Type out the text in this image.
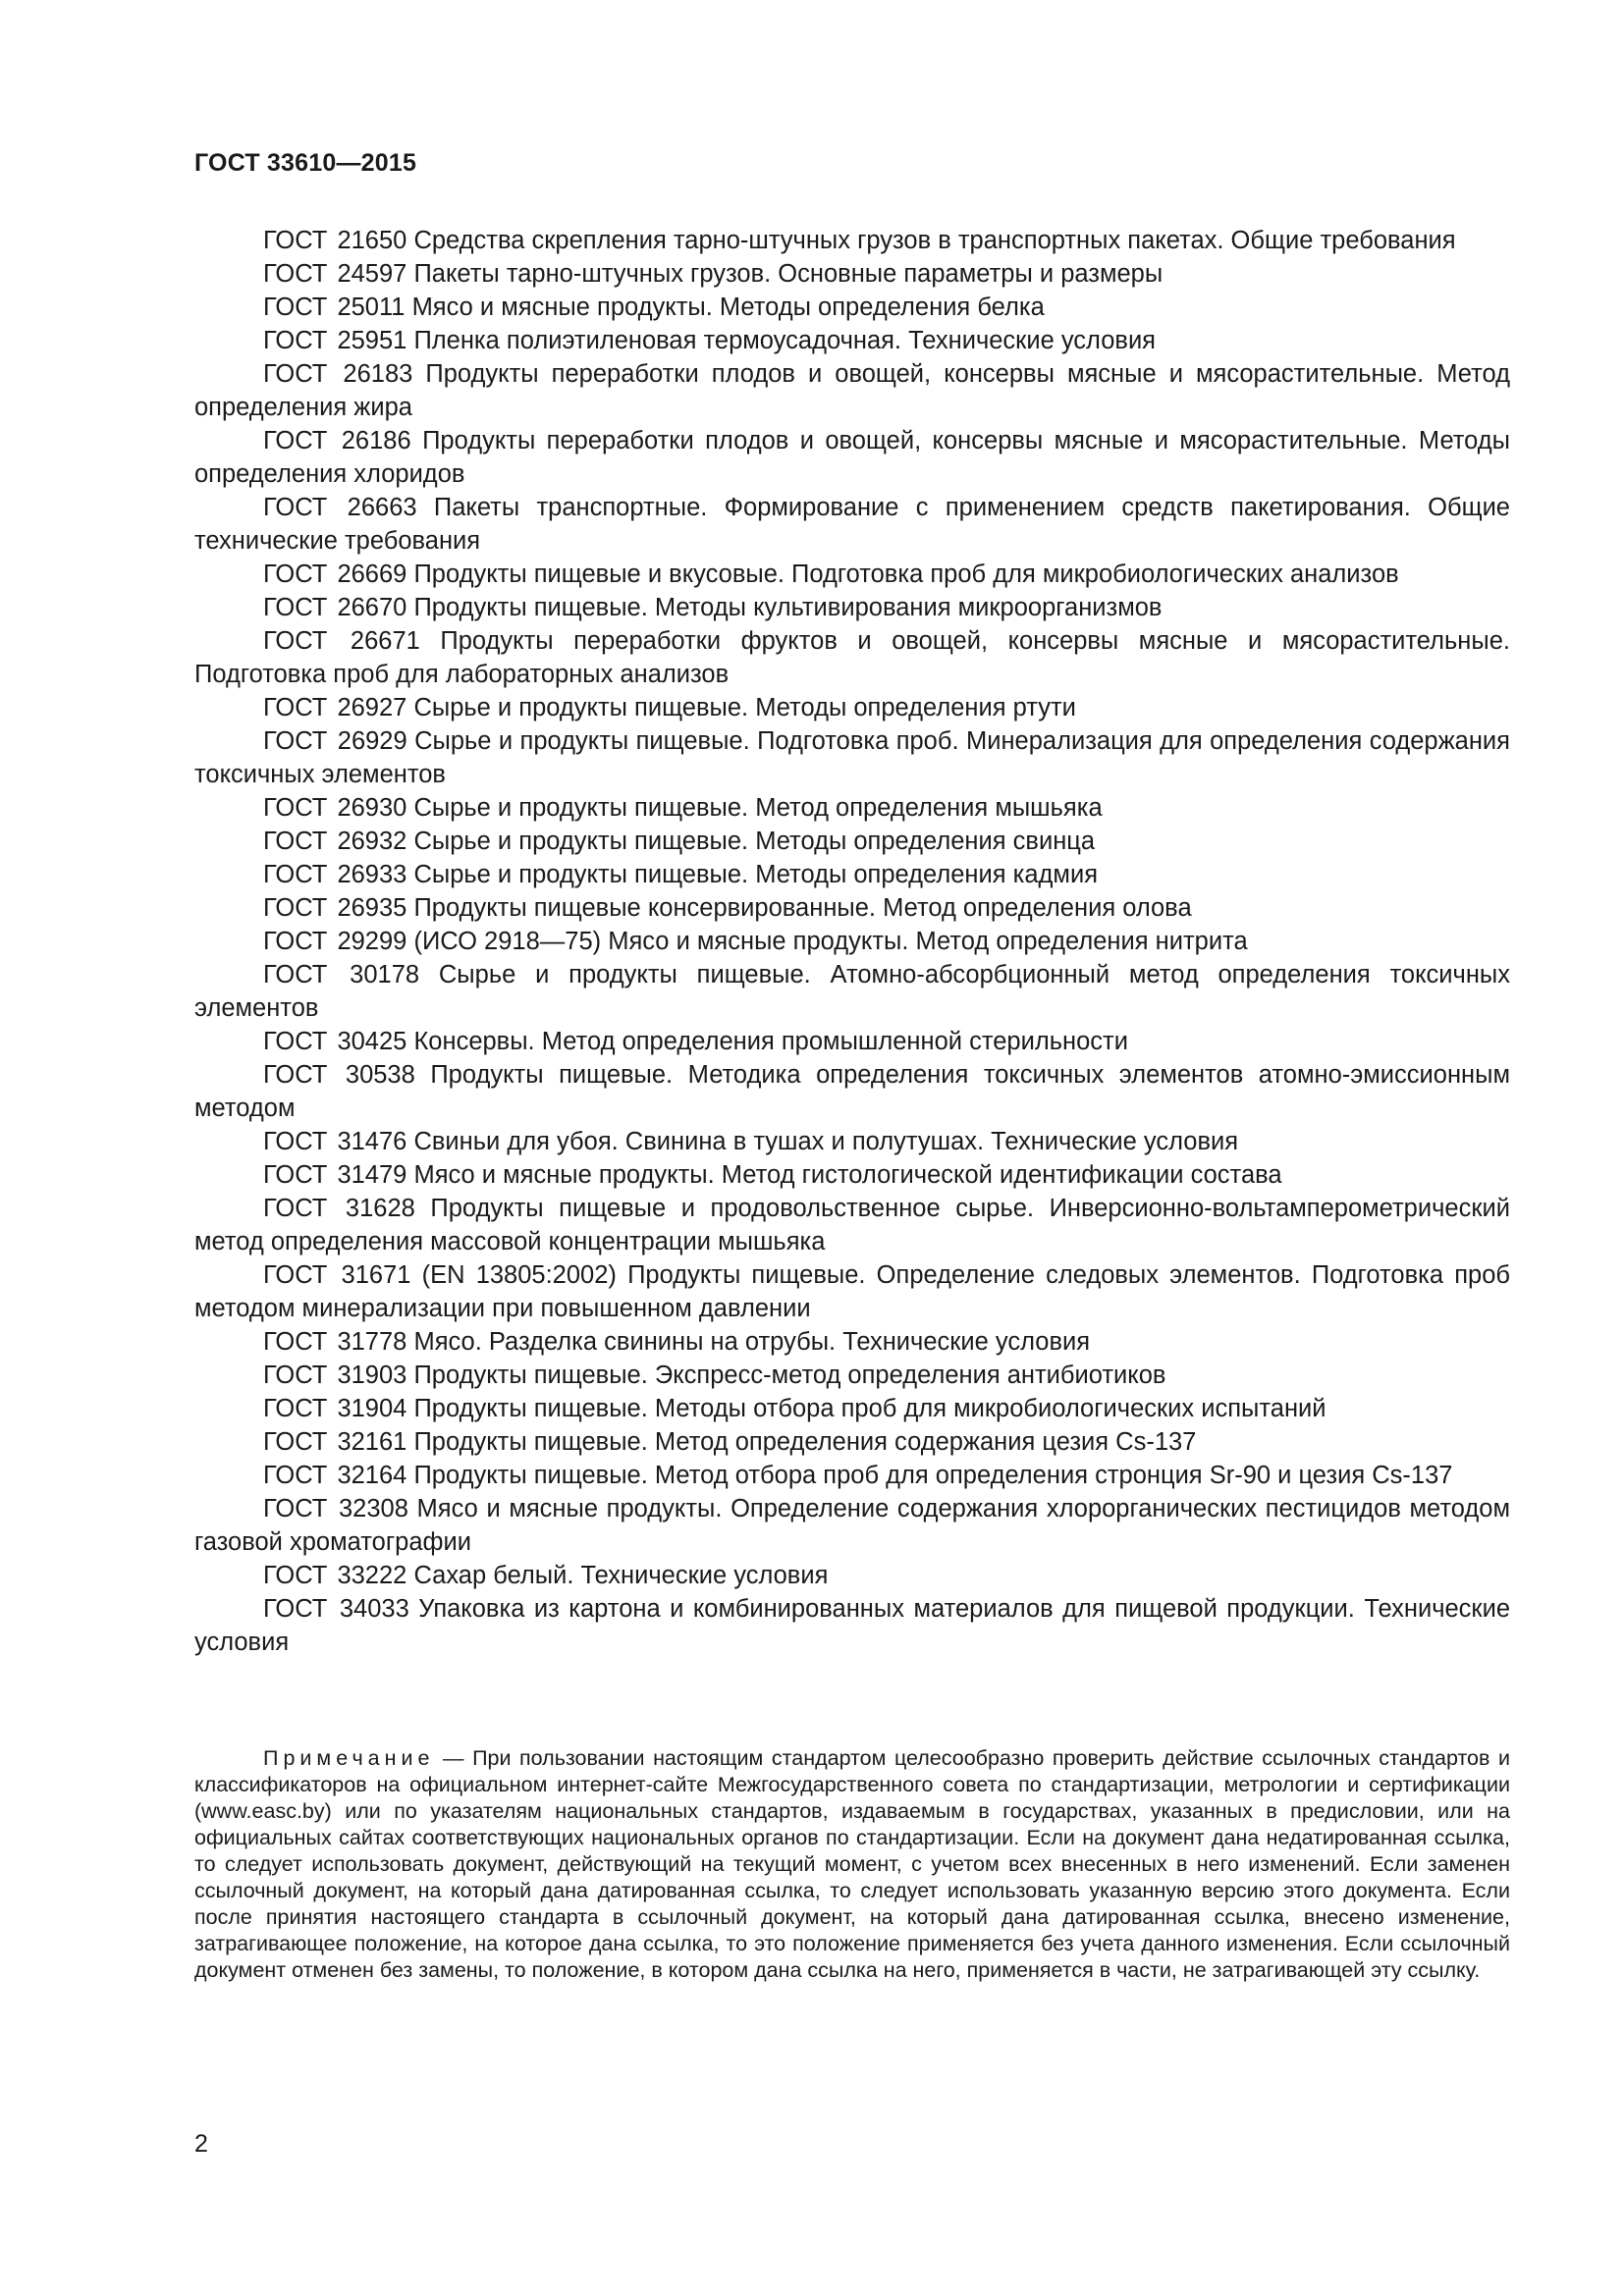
ГОСТ 33610—2015

ГОСТ 21650 Средства скрепления тарно-штучных грузов в транспортных пакетах. Общие требования

ГОСТ 24597 Пакеты тарно-штучных грузов. Основные параметры и размеры

ГОСТ 25011 Мясо и мясные продукты. Методы определения белка

ГОСТ 25951 Пленка полиэтиленовая термоусадочная. Технические условия

ГОСТ 26183 Продукты переработки плодов и овощей, консервы мясные и мясорастительные. Метод определения жира

ГОСТ 26186 Продукты переработки плодов и овощей, консервы мясные и мясорастительные. Методы определения хлоридов

ГОСТ 26663 Пакеты транспортные. Формирование с применением средств пакетирования. Общие технические требования

ГОСТ 26669 Продукты пищевые и вкусовые. Подготовка проб для микробиологических анализов

ГОСТ 26670 Продукты пищевые. Методы культивирования микроорганизмов

ГОСТ 26671 Продукты переработки фруктов и овощей, консервы мясные и мясорастительные. Подготовка проб для лабораторных анализов

ГОСТ 26927 Сырье и продукты пищевые. Методы определения ртути

ГОСТ 26929 Сырье и продукты пищевые. Подготовка проб. Минерализация для определения содержания токсичных элементов

ГОСТ 26930 Сырье и продукты пищевые. Метод определения мышьяка

ГОСТ 26932 Сырье и продукты пищевые. Методы определения свинца

ГОСТ 26933 Сырье и продукты пищевые. Методы определения кадмия

ГОСТ 26935 Продукты пищевые консервированные. Метод определения олова

ГОСТ 29299 (ИСО 2918—75) Мясо и мясные продукты. Метод определения нитрита

ГОСТ 30178 Сырье и продукты пищевые. Атомно-абсорбционный метод определения токсичных элементов

ГОСТ 30425 Консервы. Метод определения промышленной стерильности

ГОСТ 30538 Продукты пищевые. Методика определения токсичных элементов атомно-эмиссионным методом

ГОСТ 31476 Свиньи для убоя. Свинина в тушах и полутушах. Технические условия

ГОСТ 31479 Мясо и мясные продукты. Метод гистологической идентификации состава

ГОСТ 31628 Продукты пищевые и продовольственное сырье. Инверсионно-вольтамперометрический метод определения массовой концентрации мышьяка

ГОСТ 31671 (EN 13805:2002) Продукты пищевые. Определение следовых элементов. Подготовка проб методом минерализации при повышенном давлении

ГОСТ 31778 Мясо. Разделка свинины на отрубы. Технические условия

ГОСТ 31903 Продукты пищевые. Экспресс-метод определения антибиотиков

ГОСТ 31904 Продукты пищевые. Методы отбора проб для микробиологических испытаний

ГОСТ 32161 Продукты пищевые. Метод определения содержания цезия Cs-137

ГОСТ 32164 Продукты пищевые. Метод отбора проб для определения стронция Sr-90 и цезия Cs-137

ГОСТ 32308 Мясо и мясные продукты. Определение содержания хлорорганических пестицидов методом газовой хроматографии

ГОСТ 33222 Сахар белый. Технические условия

ГОСТ 34033 Упаковка из картона и комбинированных материалов для пищевой продукции. Технические условия

Примечание — При пользовании настоящим стандартом целесообразно проверить действие ссылочных стандартов и классификаторов на официальном интернет-сайте Межгосударственного совета по стандартизации, метрологии и сертификации (www.easc.by) или по указателям национальных стандартов, издаваемым в государствах, указанных в предисловии, или на официальных сайтах соответствующих национальных органов по стандартизации. Если на документ дана недатированная ссылка, то следует использовать документ, действующий на текущий момент, с учетом всех внесенных в него изменений. Если заменен ссылочный документ, на который дана датированная ссылка, то следует использовать указанную версию этого документа. Если после принятия настоящего стандарта в ссылочный документ, на который дана датированная ссылка, внесено изменение, затрагивающее положение, на которое дана ссылка, то это положение применяется без учета данного изменения. Если ссылочный документ отменен без замены, то положение, в котором дана ссылка на него, применяется в части, не затрагивающей эту ссылку.
2
